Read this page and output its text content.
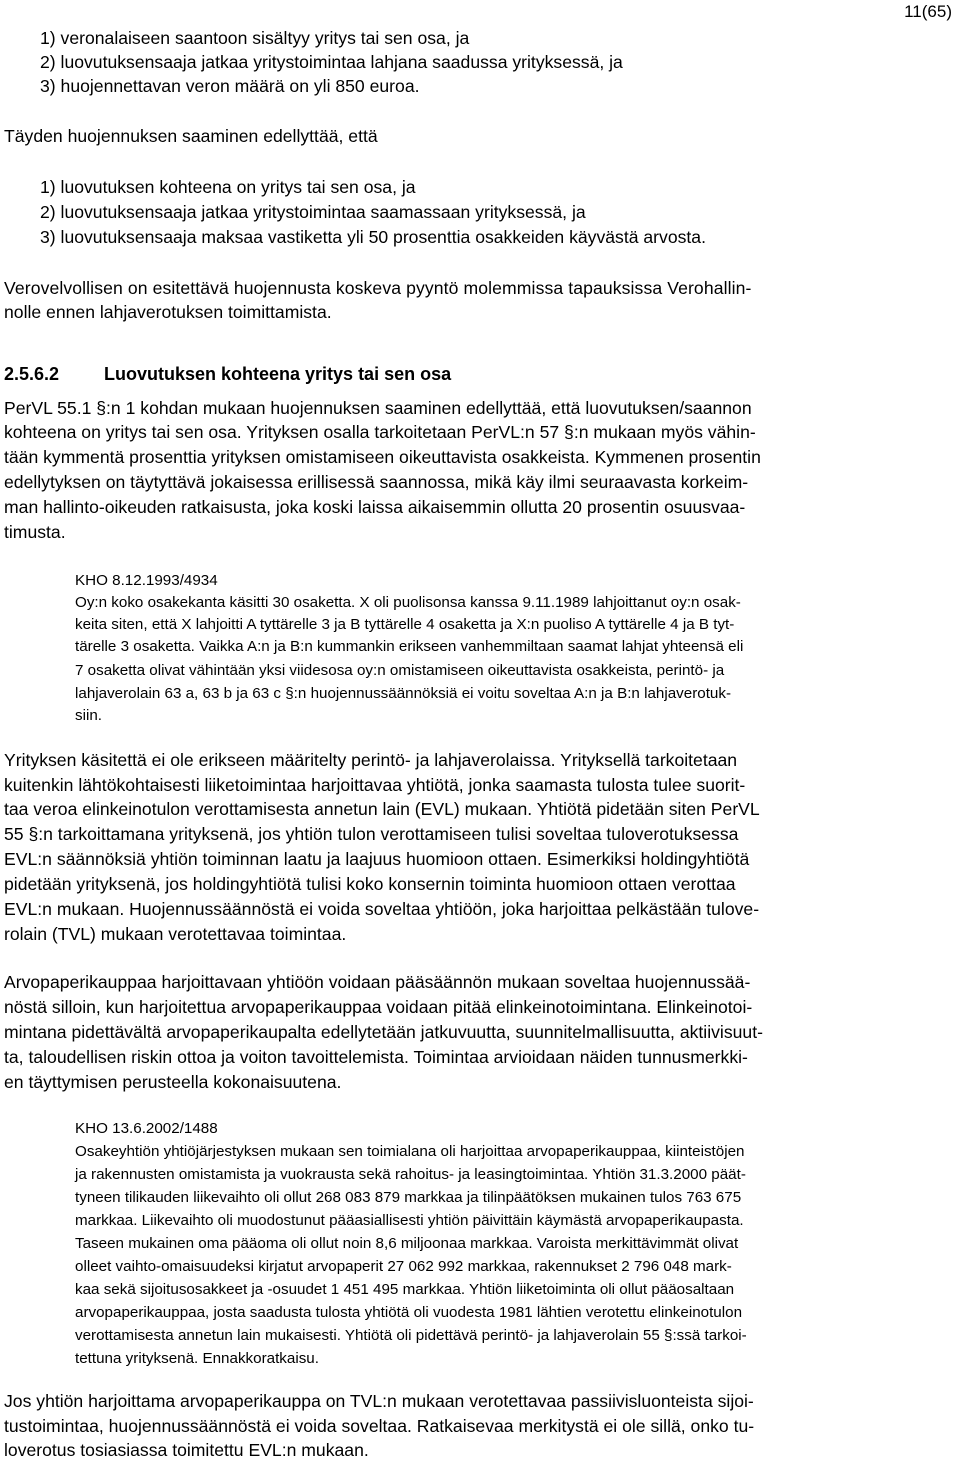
11(65)
1) veronalaiseen saantoon sisältyy yritys tai sen osa, ja
2) luovutuksensaaja jatkaa yritystoimintaa lahjana saadussa yrityksessä, ja
3) huojennettavan veron määrä on yli 850 euroa.
Täyden huojennuksen saaminen edellyttää, että
1) luovutuksen kohteena on yritys tai sen osa, ja
2) luovutuksensaaja jatkaa yritystoimintaa saamassaan yrityksessä, ja
3) luovutuksensaaja maksaa vastiketta yli 50 prosenttia osakkeiden käyvästä arvosta.
Verovelvollisen on esitettävä huojennusta koskeva pyyntö molemmissa tapauksissa Verohallin-
nolle ennen lahjaverotuksen toimittamista.
2.5.6.2 Luovutuksen kohteena yritys tai sen osa
PerVL 55.1 §:n 1 kohdan mukaan huojennuksen saaminen edellyttää, että luovutuksen/saannon
kohteena on yritys tai sen osa. Yrityksen osalla tarkoitetaan PerVL:n 57 §:n mukaan myös vähin-
tään kymmentä prosenttia yrityksen omistamiseen oikeuttavista osakkeista. Kymmenen prosentin
edellytyksen on täytyttävä jokaisessa erillisessä saannossa, mikä käy ilmi seuraavasta korkeim-
man hallinto-oikeuden ratkaisusta, joka koski laissa aikaisemmin ollutta 20 prosentin osuusvaa-
timusta.
KHO 8.12.1993/4934
Oy:n koko osakekanta käsitti 30 osaketta. X oli puolisonsa kanssa 9.11.1989 lahjoittanut oy:n osak-
keita siten, että X lahjoitti A tyttärelle 3 ja B tyttärelle 4 osaketta ja X:n puoliso A tyttärelle 4 ja B tyt-
tärelle 3 osaketta. Vaikka A:n ja B:n kummankin erikseen vanhemmiltaan saamat lahjat yhteensä eli
7 osaketta olivat vähintään yksi viidesosa oy:n omistamiseen oikeuttavista osakkeista, perintö- ja
lahjaverolain 63 a, 63 b ja 63 c §:n huojennussäännöksiä ei voitu soveltaa A:n ja B:n lahjaverotuk-
siin.
Yrityksen käsitettä ei ole erikseen määritelty perintö- ja lahjaverolaissa. Yrityksellä tarkoitetaan
kuitenkin lähtökohtaisesti liiketoimintaa harjoittavaa yhtiötä, jonka saamasta tulosta tulee suorit-
taa veroa elinkeinotulon verottamisesta annetun lain (EVL) mukaan. Yhtiötä pidetään siten PerVL
55 §:n tarkoittamana yrityksenä, jos yhtiön tulon verottamiseen tulisi soveltaa tuloverotuksessa
EVL:n säännöksiä yhtiön toiminnan laatu ja laajuus huomioon ottaen. Esimerkiksi holdingyhtiötä
pidetään yrityksenä, jos holdingyhtiötä tulisi koko konsernin toiminta huomioon ottaen verottaa
EVL:n mukaan. Huojennussäännöstä ei voida soveltaa yhtiöön, joka harjoittaa pelkästään tulove-
rolain (TVL) mukaan verotettavaa toimintaa.
Arvopaperikauppaa harjoittavaan yhtiöön voidaan pääsäännön mukaan soveltaa huojennussää-
nöstä silloin, kun harjoitettua arvopaperikauppaa voidaan pitää elinkeinotoimintana. Elinkeinotoi-
mintana pidettävältä arvopaperikaupalta edellytetään jatkuvuutta, suunnitelmallisuutta, aktiivisuut-
ta, taloudellisen riskin ottoa ja voiton tavoittelemista. Toimintaa arvioidaan näiden tunnusmerkki-
en täyttymisen perusteella kokonaisuutena.
KHO 13.6.2002/1488
Osakeyhtiön yhtiöjärjestyksen mukaan sen toimialana oli harjoittaa arvopaperikauppaa, kiinteistöjen
ja rakennusten omistamista ja vuokrausta sekä rahoitus- ja leasingtoimintaa. Yhtiön 31.3.2000 päät-
tyneen tilikauden liikevaihto oli ollut 268 083 879 markkaa ja tilinpäätöksen mukainen tulos 763 675
markkaa. Liikevaihto oli muodostunut pääasiallisesti yhtiön päivittäin käymästä arvopaperikaupasta.
Taseen mukainen oma pääoma oli ollut noin 8,6 miljoonaa markkaa. Varoista merkittävimmät olivat
olleet vaihto-omaisuudeksi kirjatut arvopaperit 27 062 992 markkaa, rakennukset 2 796 048 mark-
kaa sekä sijoitusosakkeet ja -osuudet 1 451 495 markkaa. Yhtiön liiketoiminta oli ollut pääosaltaan
arvopaperikauppaa, josta saadusta tulosta yhtiötä oli vuodesta 1981 lähtien verotettu elinkeinotulon
verottamisesta annetun lain mukaisesti. Yhtiötä oli pidettävä perintö- ja lahjaverolain 55 §:ssä tarkoi-
tettuna yrityksenä. Ennakkoratkaisu.
Jos yhtiön harjoittama arvopaperikauppa on TVL:n mukaan verotettavaa passiivisluonteista sijoi-
tustoimintaa, huojennussäännöstä ei voida soveltaa. Ratkaisevaa merkitystä ei ole sillä, onko tu-
loverotus tosiasiassa toimitettu EVL:n mukaan.
